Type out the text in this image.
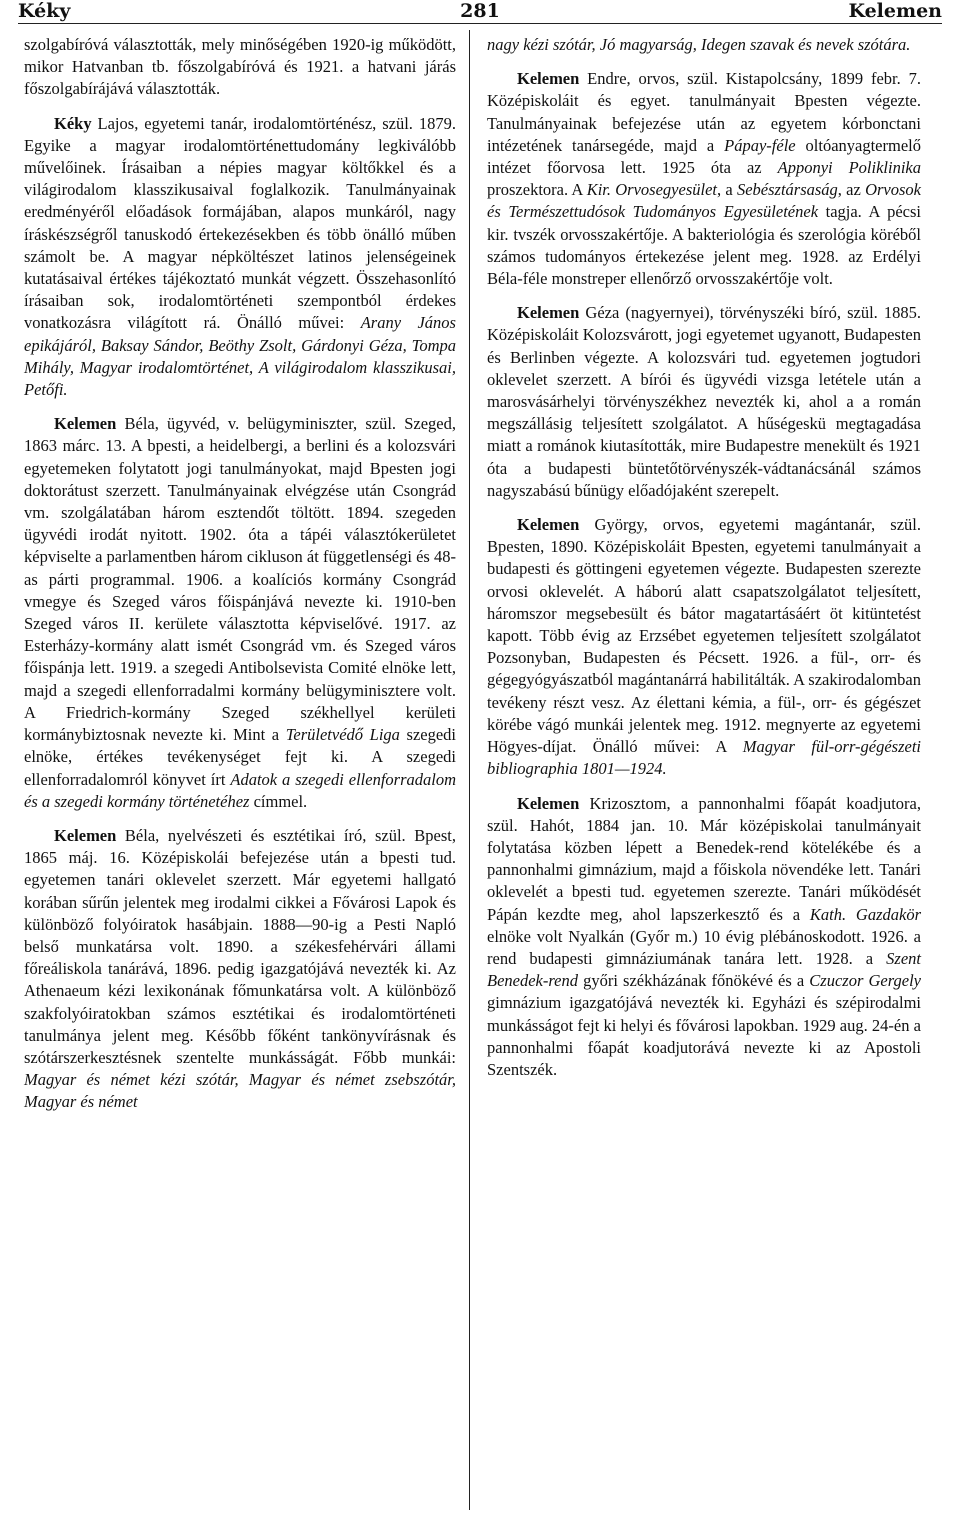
Kéky	281	Kelemen

szolgabíróvá választották, mely minőségében 1920-ig működött, mikor Hatvanban tb. főszolgabíróvá és 1921. a hatvani járás főszolgabírájává választották.

Kéky Lajos, egyetemi tanár, irodalomtörténész, szül. 1879. Egyike a magyar irodalomtörténettudomány legkiválóbb művelőinek. Írásaiban a népies magyar költőkkel és a világirodalom klasszikusaival foglalkozik. Tanulmányainak eredményéről előadások formájában, alapos munkáról, nagy íráskészségről tanuskodó értekezésekben és több önálló műben számolt be. A magyar népköltészet latinos jelenségeinek kutatásaival értékes tájékoztató munkát végzett. Összehasonlító írásaiban sok, irodalomtörténeti szempontból érdekes vonatkozásra világított rá. Önálló művei: Arany János epikájáról, Baksay Sándor, Beöthy Zsolt, Gárdonyi Géza, Tompa Mihály, Magyar irodalomtörténet, A világirodalom klasszikusai, Petőfi.

Kelemen Béla, ügyvéd, v. belügyminiszter, szül. Szeged, 1863 márc. 13. A bpesti, a heidelbergi, a berlini és a kolozsvári egyetemeken folytatott jogi tanulmányokat, majd Bpesten jogi doktorátust szerzett. Tanulmányainak elvégzése után Csongrád vm. szolgálatában három esztendőt töltött. 1894. szegeden ügyvédi irodát nyitott. 1902. óta a tápéi választókerületet képviselte a parlamentben három cikluson át függetlenségi és 48-as párti programmal. 1906. a koalíciós kormány Csongrád vmegye és Szeged város főispánjává nevezte ki. 1910-ben Szeged város II. kerülete választotta képviselővé. 1917. az Esterházy-kormány alatt ismét Csongrád vm. és Szeged város főispánja lett. 1919. a szegedi Antibolsevista Comité elnöke lett, majd a szegedi ellenforradalmi kormány belügyminisztere volt. A Friedrich-kormány Szeged székhellyel kerületi kormánybiztosnak nevezte ki. Mint a Területvédő Liga szegedi elnöke, értékes tevékenységet fejt ki. A szegedi ellenforradalomról könyvet írt Adatok a szegedi ellenforradalom és a szegedi kormány történetéhez címmel.

Kelemen Béla, nyelvészeti és esztétikai író, szül. Bpest, 1865 máj. 16. Középiskolái befejezése után a bpesti tud. egyetemen tanári oklevelet szerzett. Már egyetemi hallgató korában sűrűn jelentek meg irodalmi cikkei a Fővárosi Lapok és különböző folyóiratok hasábjain. 1888—90-ig a Pesti Napló belső munkatársa volt. 1890. a székesfehérvári állami főreáliskola tanárává, 1896. pedig igazgatójává nevezték ki. Az Athenaeum kézi lexikonának főmunkatársa volt. A különböző szakfolyóiratokban számos esztétikai és irodalomtörténeti tanulmánya jelent meg. Később főként tankönyvírásnak és szótárszerkesztésnek szentelte munkásságát. Főbb munkái: Magyar és német kézi szótár, Magyar és német zsebszótár, Magyar és német

nagy kézi szótár, Jó magyarság, Idegen szavak és nevek szótára.

Kelemen Endre, orvos, szül. Kistapolcsány, 1899 febr. 7. Középiskoláit és egyet. tanulmányait Bpesten végezte. Tanulmányainak befejezése után az egyetem kórbonctani intézetének tanársegéde, majd a Pápay-féle oltóanyagtermelő intézet főorvosa lett. 1925 óta az Apponyi Poliklinika proszektora. A Kir. Orvosegyesület, a Sebésztársaság, az Orvosok és Természettudósok Tudományos Egyesületének tagja. A pécsi kir. tvszék orvosszakértője. A bakteriológia és szerológia köréből számos tudományos értekezése jelent meg. 1928. az Erdélyi Béla-féle monstreper ellenőrző orvosszakértője volt.

Kelemen Géza (nagyernyei), törvényszéki bíró, szül. 1885. Középiskoláit Kolozsvárott, jogi egyetemet ugyanott, Budapesten és Berlinben végezte. A kolozsvári tud. egyetemen jogtudori oklevelet szerzett. A bírói és ügyvédi vizsga letétele után a marosvásárhelyi törvényszékhez nevezték ki, ahol a a román megszállásig teljesített szolgálatot. A hűségeskü megtagadása miatt a románok kiutasították, mire Budapestre menekült és 1921 óta a budapesti büntetőtörvényszék-vádtanácsánál számos nagyszabású bűnügy előadójaként szerepelt.

Kelemen György, orvos, egyetemi magántanár, szül. Bpesten, 1890. Középiskoláit Bpesten, egyetemi tanulmányait a budapesti és göttingeni egyetemen végezte. Budapesten szerezte orvosi oklevelét. A háború alatt csapatszolgálatot teljesített, háromszor megsebesült és bátor magatartásáért öt kitüntetést kapott. Több évig az Erzsébet egyetemen teljesített szolgálatot Pozsonyban, Budapesten és Pécsett. 1926. a fül-, orr- és gégegyógyászatból magántanárrá habilitálták. A szakirodalomban tevékeny részt vesz. Az élettani kémia, a fül-, orr- és gégészet körébe vágó munkái jelentek meg. 1912. megnyerte az egyetemi Högyes-díjat. Önálló művei: A Magyar fül-orr-gégészeti bibliographia 1801—1924.

Kelemen Krizosztom, a pannonhalmi főapát koadjutora, szül. Hahót, 1884 jan. 10. Már középiskolai tanulmányait folytatása közben lépett a Benedek-rend kötelékébe és a pannonhalmi gimnázium, majd a főiskola növendéke lett. Tanári oklevelét a bpesti tud. egyetemen szerezte. Tanári működését Pápán kezdte meg, ahol lapszerkesztő és a Kath. Gazdakör elnöke volt Nyalkán (Győr m.) 10 évig plébánoskodott. 1926. a rend budapesti gimnáziumának tanára lett. 1928. a Szent Benedek-rend győri székházának főnökévé és a Czuczor Gergely gimnázium igazgatójává nevezték ki. Egyházi és szépirodalmi munkásságot fejt ki helyi és fővárosi lapokban. 1929 aug. 24-én a pannonhalmi főapát koadjutorává nevezte ki az Apostoli Szentszék.
